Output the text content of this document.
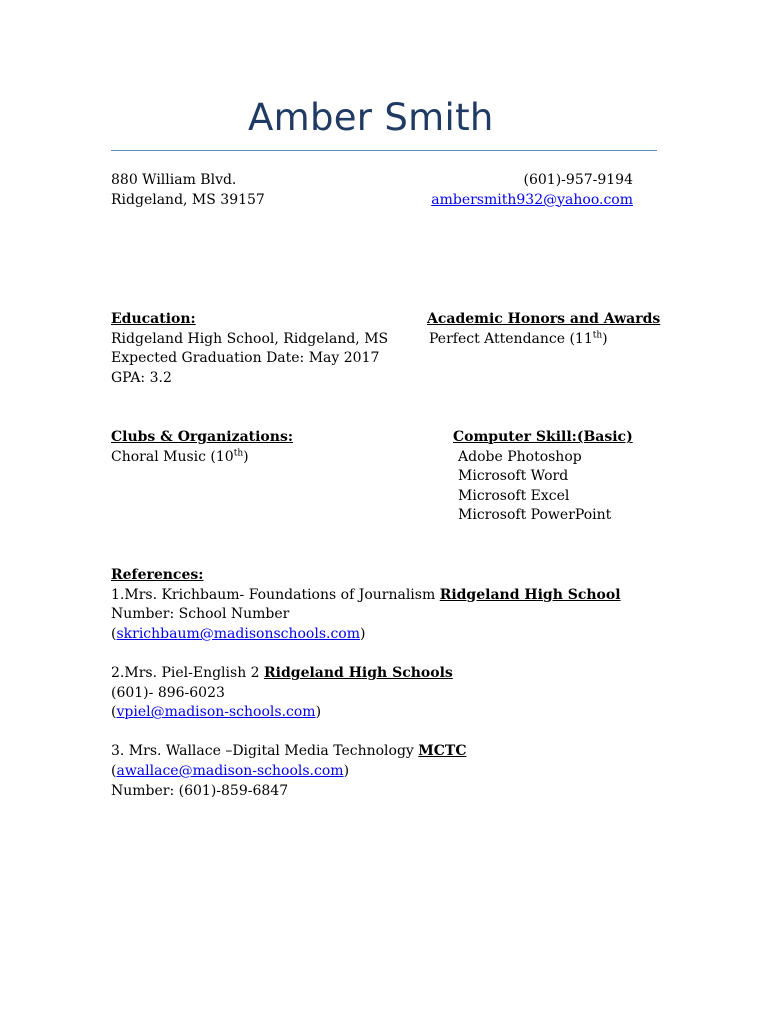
Amber Smith
880 William Blvd.
Ridgeland, MS 39157
(601)-957-9194
ambersmith932@yahoo.com
Education:
Ridgeland High School, Ridgeland, MS
Expected Graduation Date: May 2017
GPA: 3.2
Academic Honors and Awards
Perfect Attendance (11th)
Clubs & Organizations:
Choral Music (10th)
Computer Skill:(Basic)
Adobe Photoshop
Microsoft Word
Microsoft Excel
Microsoft PowerPoint
References:
1.Mrs. Krichbaum- Foundations of Journalism Ridgeland High School
Number: School Number
(skrichbaum@madisonschools.com)
2.Mrs. Piel-English 2 Ridgeland High Schools
(601)- 896-6023
(vpiel@madison-schools.com)
3. Mrs. Wallace –Digital Media Technology MCTC
(awallace@madison-schools.com)
Number: (601)-859-6847
